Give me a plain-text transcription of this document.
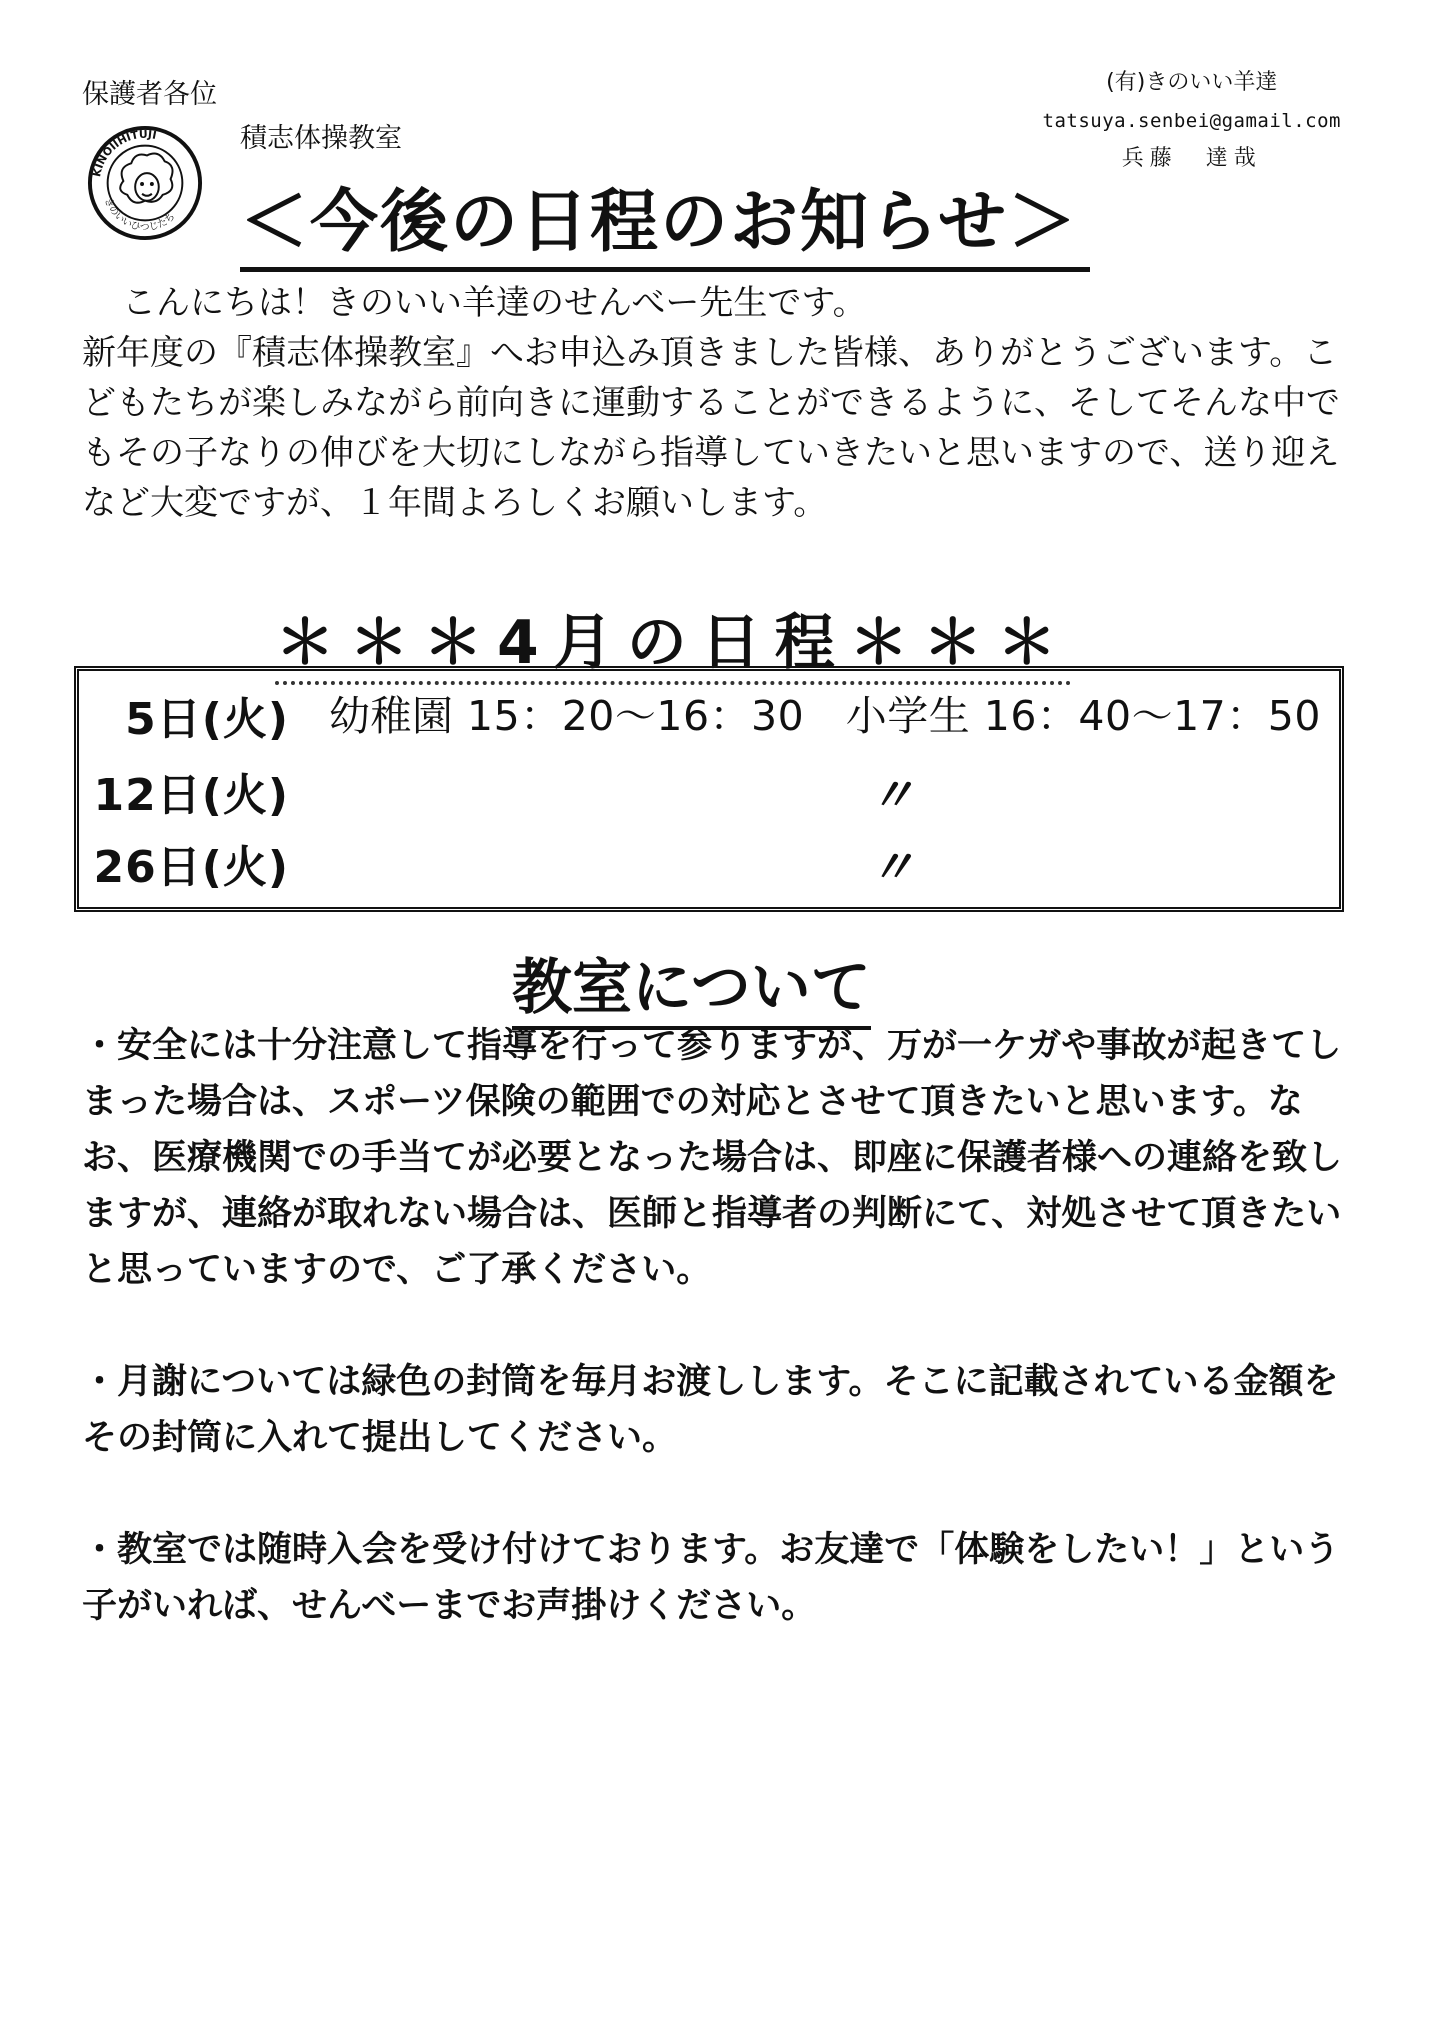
保護者各位
積志体操教室
(有)きのいい羊達
tatsuya.senbei@gamail.com
兵藤　達哉
KINOIIHITUJI
きのいいひつじたち ＜今後の日程のお知らせ＞

こんにちは！きのいい羊達のせんべー先生です。

新年度の『積志体操教室』へお申込み頂きました皆様、ありがとうございます。こどもたちが楽しみながら前向きに運動することができるように、そしてそんな中でもその子なりの伸びを大切にしながら指導していきたいと思いますので、送り迎えなど大変ですが、１年間よろしくお願いします。

＊＊＊4月の日程＊＊＊
5日(火) 幼稚園 15：20〜16：30　小学生 16：40〜17：50
12日(火)	〃
26日(火)	〃
教室について

・安全には十分注意して指導を行って参りますが、万が一ケガや事故が起きてしまった場合は、スポーツ保険の範囲での対応とさせて頂きたいと思います。なお、医療機関での手当てが必要となった場合は、即座に保護者様への連絡を致しますが、連絡が取れない場合は、医師と指導者の判断にて、対処させて頂きたいと思っていますので、ご了承ください。

・月謝については緑色の封筒を毎月お渡しします。そこに記載されている金額をその封筒に入れて提出してください。

・教室では随時入会を受け付けております。お友達で「体験をしたい！」という子がいれば、せんべーまでお声掛けください。
